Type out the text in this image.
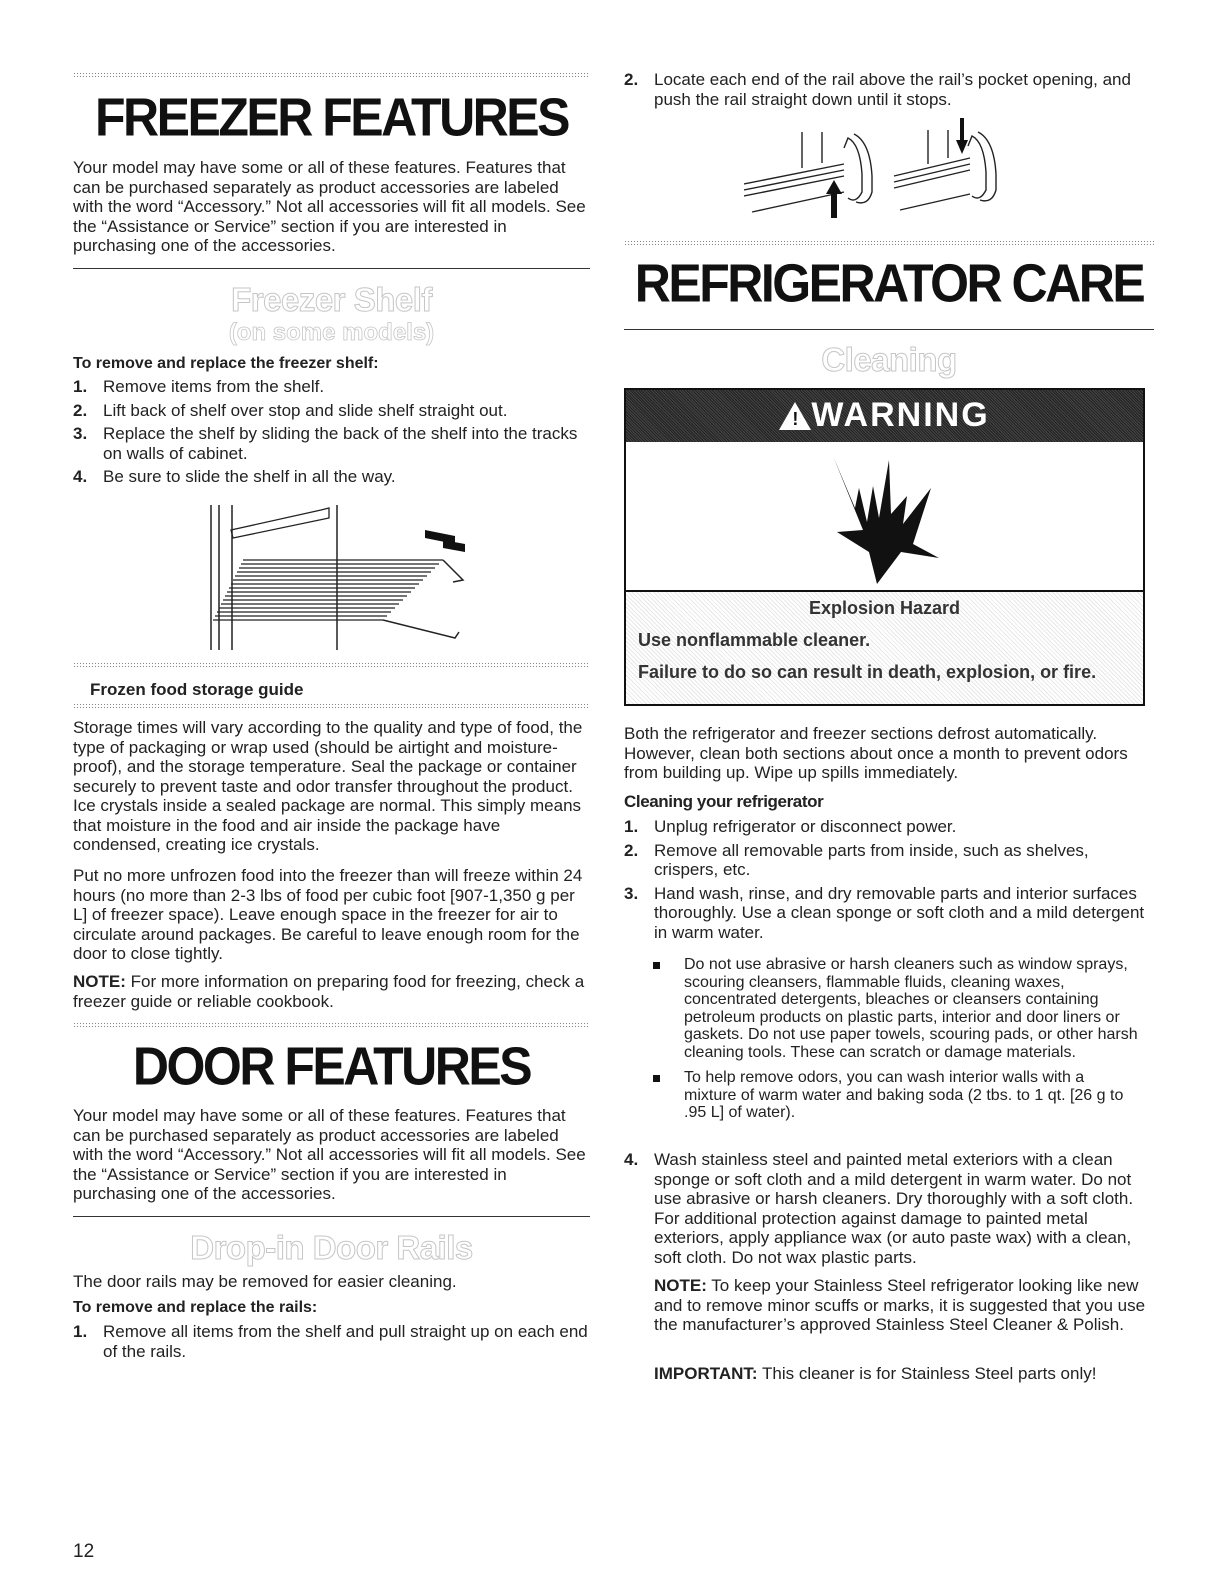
FREEZER FEATURES

Your model may have some or all of these features. Features that can be purchased separately as product accessories are labeled with the word “Accessory.” Not all accessories will fit all models. See the “Assistance or Service” section if you are interested in purchasing one of the accessories.

Freezer Shelf
(on some models)

To remove and replace the freezer shelf:

1. Remove items from the shelf.
2. Lift back of shelf over stop and slide shelf straight out.
3. Replace the shelf by sliding the back of the shelf into the tracks on walls of cabinet.
4. Be sure to slide the shelf in all the way.

Frozen food storage guide

Storage times will vary according to the quality and type of food, the type of packaging or wrap used (should be airtight and moisture-proof), and the storage temperature. Seal the package or container securely to prevent taste and odor transfer throughout the product. Ice crystals inside a sealed package are normal. This simply means that moisture in the food and air inside the package have condensed, creating ice crystals.

Put no more unfrozen food into the freezer than will freeze within 24 hours (no more than 2-3 lbs of food per cubic foot [907-1,350 g per L] of freezer space). Leave enough space in the freezer for air to circulate around packages. Be careful to leave enough room for the door to close tightly.

NOTE: For more information on preparing food for freezing, check a freezer guide or reliable cookbook.

DOOR FEATURES

Your model may have some or all of these features. Features that can be purchased separately as product accessories are labeled with the word “Accessory.” Not all accessories will fit all models. See the “Assistance or Service” section if you are interested in purchasing one of the accessories.

Drop-in Door Rails

The door rails may be removed for easier cleaning.

To remove and replace the rails:

1. Remove all items from the shelf and pull straight up on each end of the rails.

12

2. Locate each end of the rail above the rail’s pocket opening, and push the rail straight down until it stops.
REFRIGERATOR CARE
Cleaning
! WARNING
Explosion Hazard
Use nonflammable cleaner.
Failure to do so can result in death, explosion, or fire.

Both the refrigerator and freezer sections defrost automatically. However, clean both sections about once a month to prevent odors from building up. Wipe up spills immediately.

Cleaning your refrigerator

1. Unplug refrigerator or disconnect power.
2. Remove all removable parts from inside, such as shelves, crispers, etc.
3. Hand wash, rinse, and dry removable parts and interior surfaces thoroughly. Use a clean sponge or soft cloth and a mild detergent in warm water.
Do not use abrasive or harsh cleaners such as window sprays, scouring cleansers, flammable fluids, cleaning waxes, concentrated detergents, bleaches or cleansers containing petroleum products on plastic parts, interior and door liners or gaskets. Do not use paper towels, scouring pads, or other harsh cleaning tools. These can scratch or damage materials.
To help remove odors, you can wash interior walls with a mixture of warm water and baking soda (2 tbs. to 1 qt. [26 g to .95 L] of water).
4. Wash stainless steel and painted metal exteriors with a clean sponge or soft cloth and a mild detergent in warm water. Do not use abrasive or harsh cleaners. Dry thoroughly with a soft cloth. For additional protection against damage to painted metal exteriors, apply appliance wax (or auto paste wax) with a clean, soft cloth. Do not wax plastic parts.

NOTE: To keep your Stainless Steel refrigerator looking like new and to remove minor scuffs or marks, it is suggested that you use the manufacturer’s approved Stainless Steel Cleaner & Polish.

IMPORTANT: This cleaner is for Stainless Steel parts only!
